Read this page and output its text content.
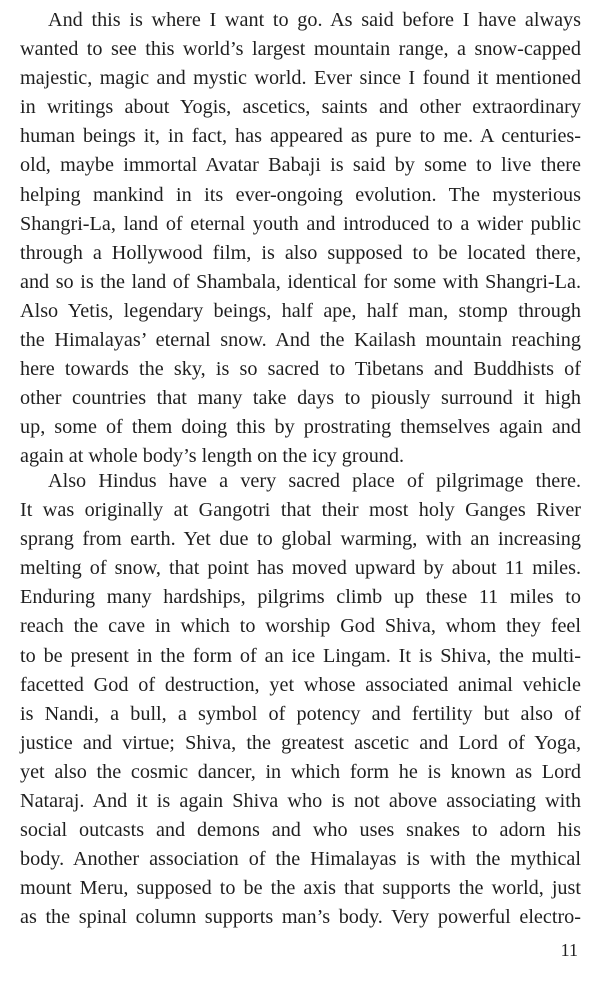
And this is where I want to go. As said before I have always
wanted to see this world’s largest mountain range, a snow-capped
majestic, magic and mystic world. Ever since I found it mentioned
in writings about Yogis, ascetics, saints and other extraordinary
human beings it, in fact, has appeared as pure to me. A centuries-
old, maybe immortal Avatar Babaji is said by some to live there
helping mankind in its ever-ongoing evolution. The mysterious
Shangri-La, land of eternal youth and introduced to a wider public
through a Hollywood film, is also supposed to be located there,
and so is the land of Shambala, identical for some with Shangri-La.
Also Yetis, legendary beings, half ape, half man, stomp through
the Himalayas’ eternal snow. And the Kailash mountain reaching
here towards the sky, is so sacred to Tibetans and Buddhists of
other countries that many take days to piously surround it high
up, some of them doing this by prostrating themselves again and
again at whole body’s length on the icy ground.
Also Hindus have a very sacred place of pilgrimage there.
It was originally at Gangotri that their most holy Ganges River
sprang from earth. Yet due to global warming, with an increasing
melting of snow, that point has moved upward by about 11 miles.
Enduring many hardships, pilgrims climb up these 11 miles to
reach the cave in which to worship God Shiva, whom they feel
to be present in the form of an ice Lingam. It is Shiva, the multi-
facetted God of destruction, yet whose associated animal vehicle
is Nandi, a bull, a symbol of potency and fertility but also of
justice and virtue; Shiva, the greatest ascetic and Lord of Yoga,
yet also the cosmic dancer, in which form he is known as Lord
Nataraj. And it is again Shiva who is not above associating with
social outcasts and demons and who uses snakes to adorn his
body. Another association of the Himalayas is with the mythical
mount Meru, supposed to be the axis that supports the world, just
as the spinal column supports man’s body. Very powerful electro-
11
